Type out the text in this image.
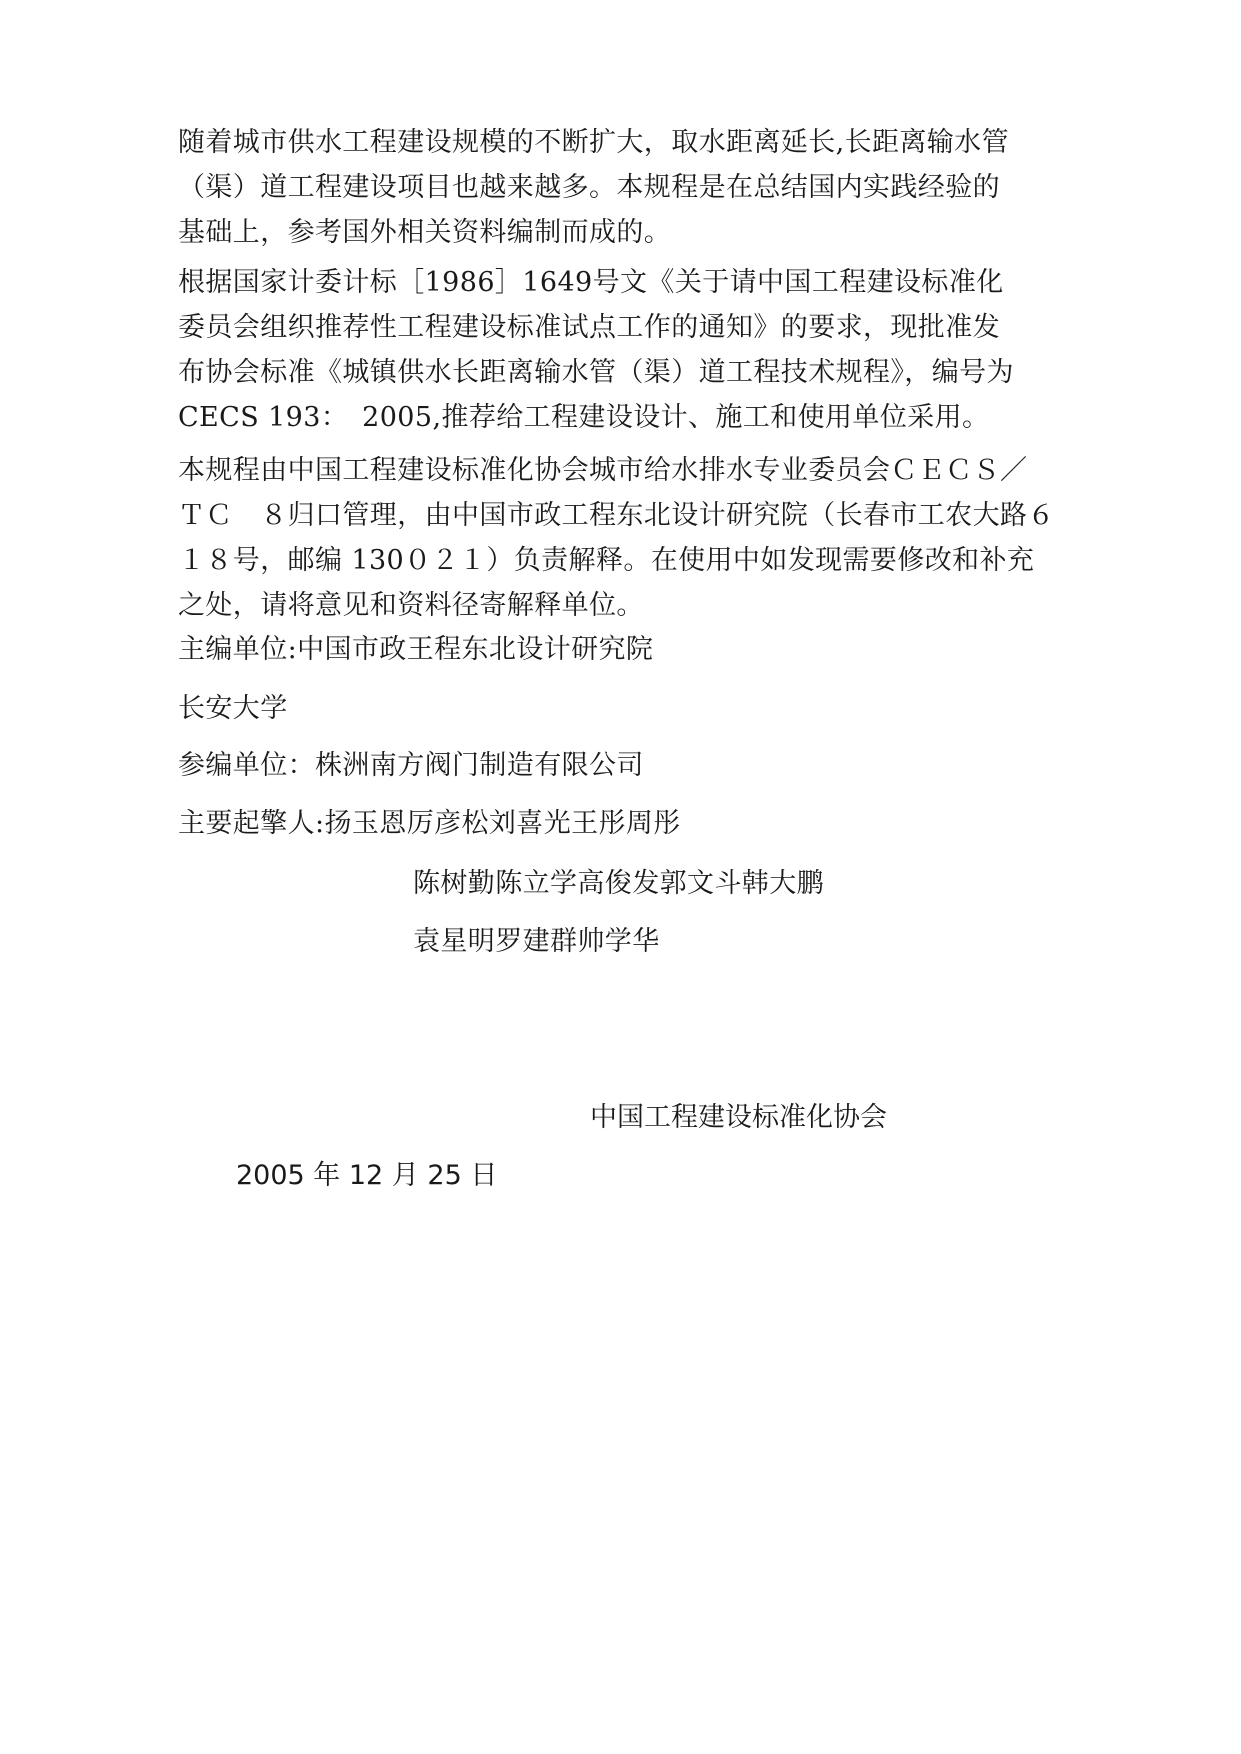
随着城市供水工程建设规模的不断扩大，取水距离延长,长距离输水管
（渠）道工程建设项目也越来越多。本规程是在总结国内实践经验的
基础上，参考国外相关资料编制而成的。
根据国家计委计标［1986］1649号文《关于请中国工程建设标准化
委员会组织推荐性工程建设标准试点工作的通知》的要求，现批准发
布协会标准《城镇供水长距离输水管（渠）道工程技术规程》，编号为
CECS 193：　2005,推荐给工程建设设计、施工和使用单位采用。
本规程由中国工程建设标准化协会城市给水排水专业委员会ＣＥＣＳ／
ＴＣ　８归口管理，由中国市政工程东北设计研究院（长春市工农大路６
１８号，邮编 130０２１）负责解释。在使用中如发现需要修改和补充
之处，请将意见和资料径寄解释单位。
主编单位:中国市政王程东北设计研究院
长安大学
参编单位：株洲南方阀门制造有限公司
主要起擎人:扬玉恩厉彦松刘喜光王彤周彤
陈树勤陈立学高俊发郭文斗韩大鹏
袁星明罗建群帅学华
中国工程建设标准化协会
2005 年 12 月 25 日
